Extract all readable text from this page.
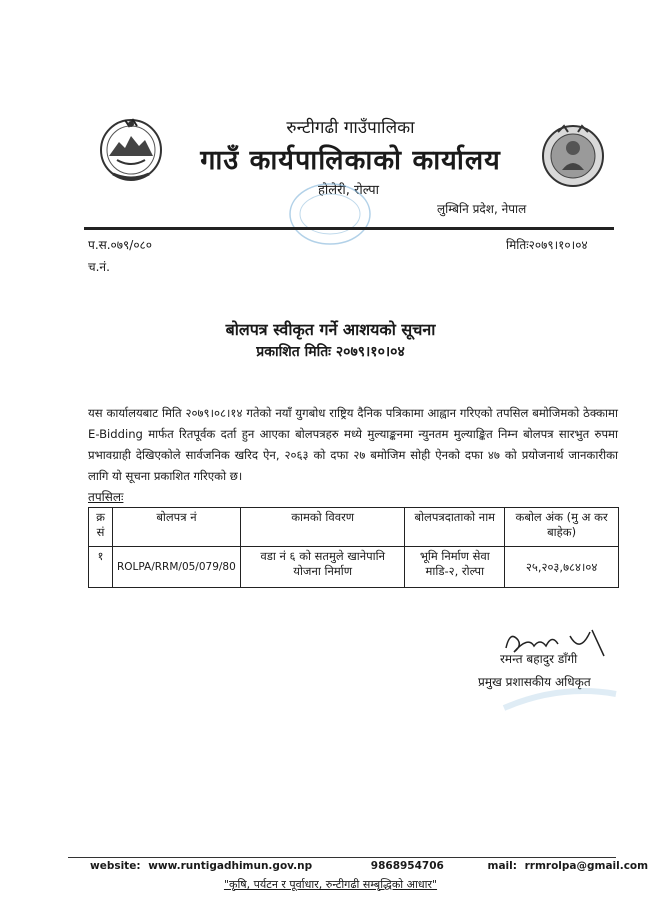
रुन्टीगढी गाउँपालिका
गाउँ कार्यपालिकाको कार्यालय
होलेरी, रोल्पा
लुम्बिनि प्रदेश, नेपाल
प.स.०७९/०८०	मितिः२०७९।१०।०४
च.नं.
बोलपत्र स्वीकृत गर्ने आशयको सूचना
प्रकाशित मितिः २०७९।१०।०४
यस कार्यालयबाट मिति २०७९।०८।१४ गतेको नयाँ युगबोध राष्ट्रिय दैनिक पत्रिकामा आह्वान गरिएको तपसिल बमोजिमको ठेक्कामा E-Bidding मार्फत रितपूर्वक दर्ता हुन आएका बोलपत्रहरु मध्ये मुल्याङ्कनमा न्युनतम मुल्याङ्कित निम्न बोलपत्र सारभुत रुपमा प्रभावग्राही देखिएकोले सार्वजनिक खरिद ऐन, २०६३ को दफा २७ बमोजिम सोही ऐनको दफा ४७ को प्रयोजनार्थ जानकारीका लागि यो सूचना प्रकाशित गरिएको छ।
तपसिलः
क्र सं	बोलपत्र नं	कामको विवरण	बोलपत्रदाताको नाम	कबोल अंक (मु अ कर बाहेक)
१	ROLPA/RRM/05/079/80	वडा नं ६ को सतमुले खानेपानि योजना निर्माण	भूमि निर्माण सेवा माडि-२, रोल्पा	२५,२०३,७८४।०४
रमन्त बहादुर डाँगी
प्रमुख प्रशासकीय अधिकृत
website: www.runtigadhimun.gov.np	9868954706	mail: rrmrolpa@gmail.com
"कृषि, पर्यटन र पूर्वाधार, रुन्टीगढी सम्बृद्धिको आधार"
